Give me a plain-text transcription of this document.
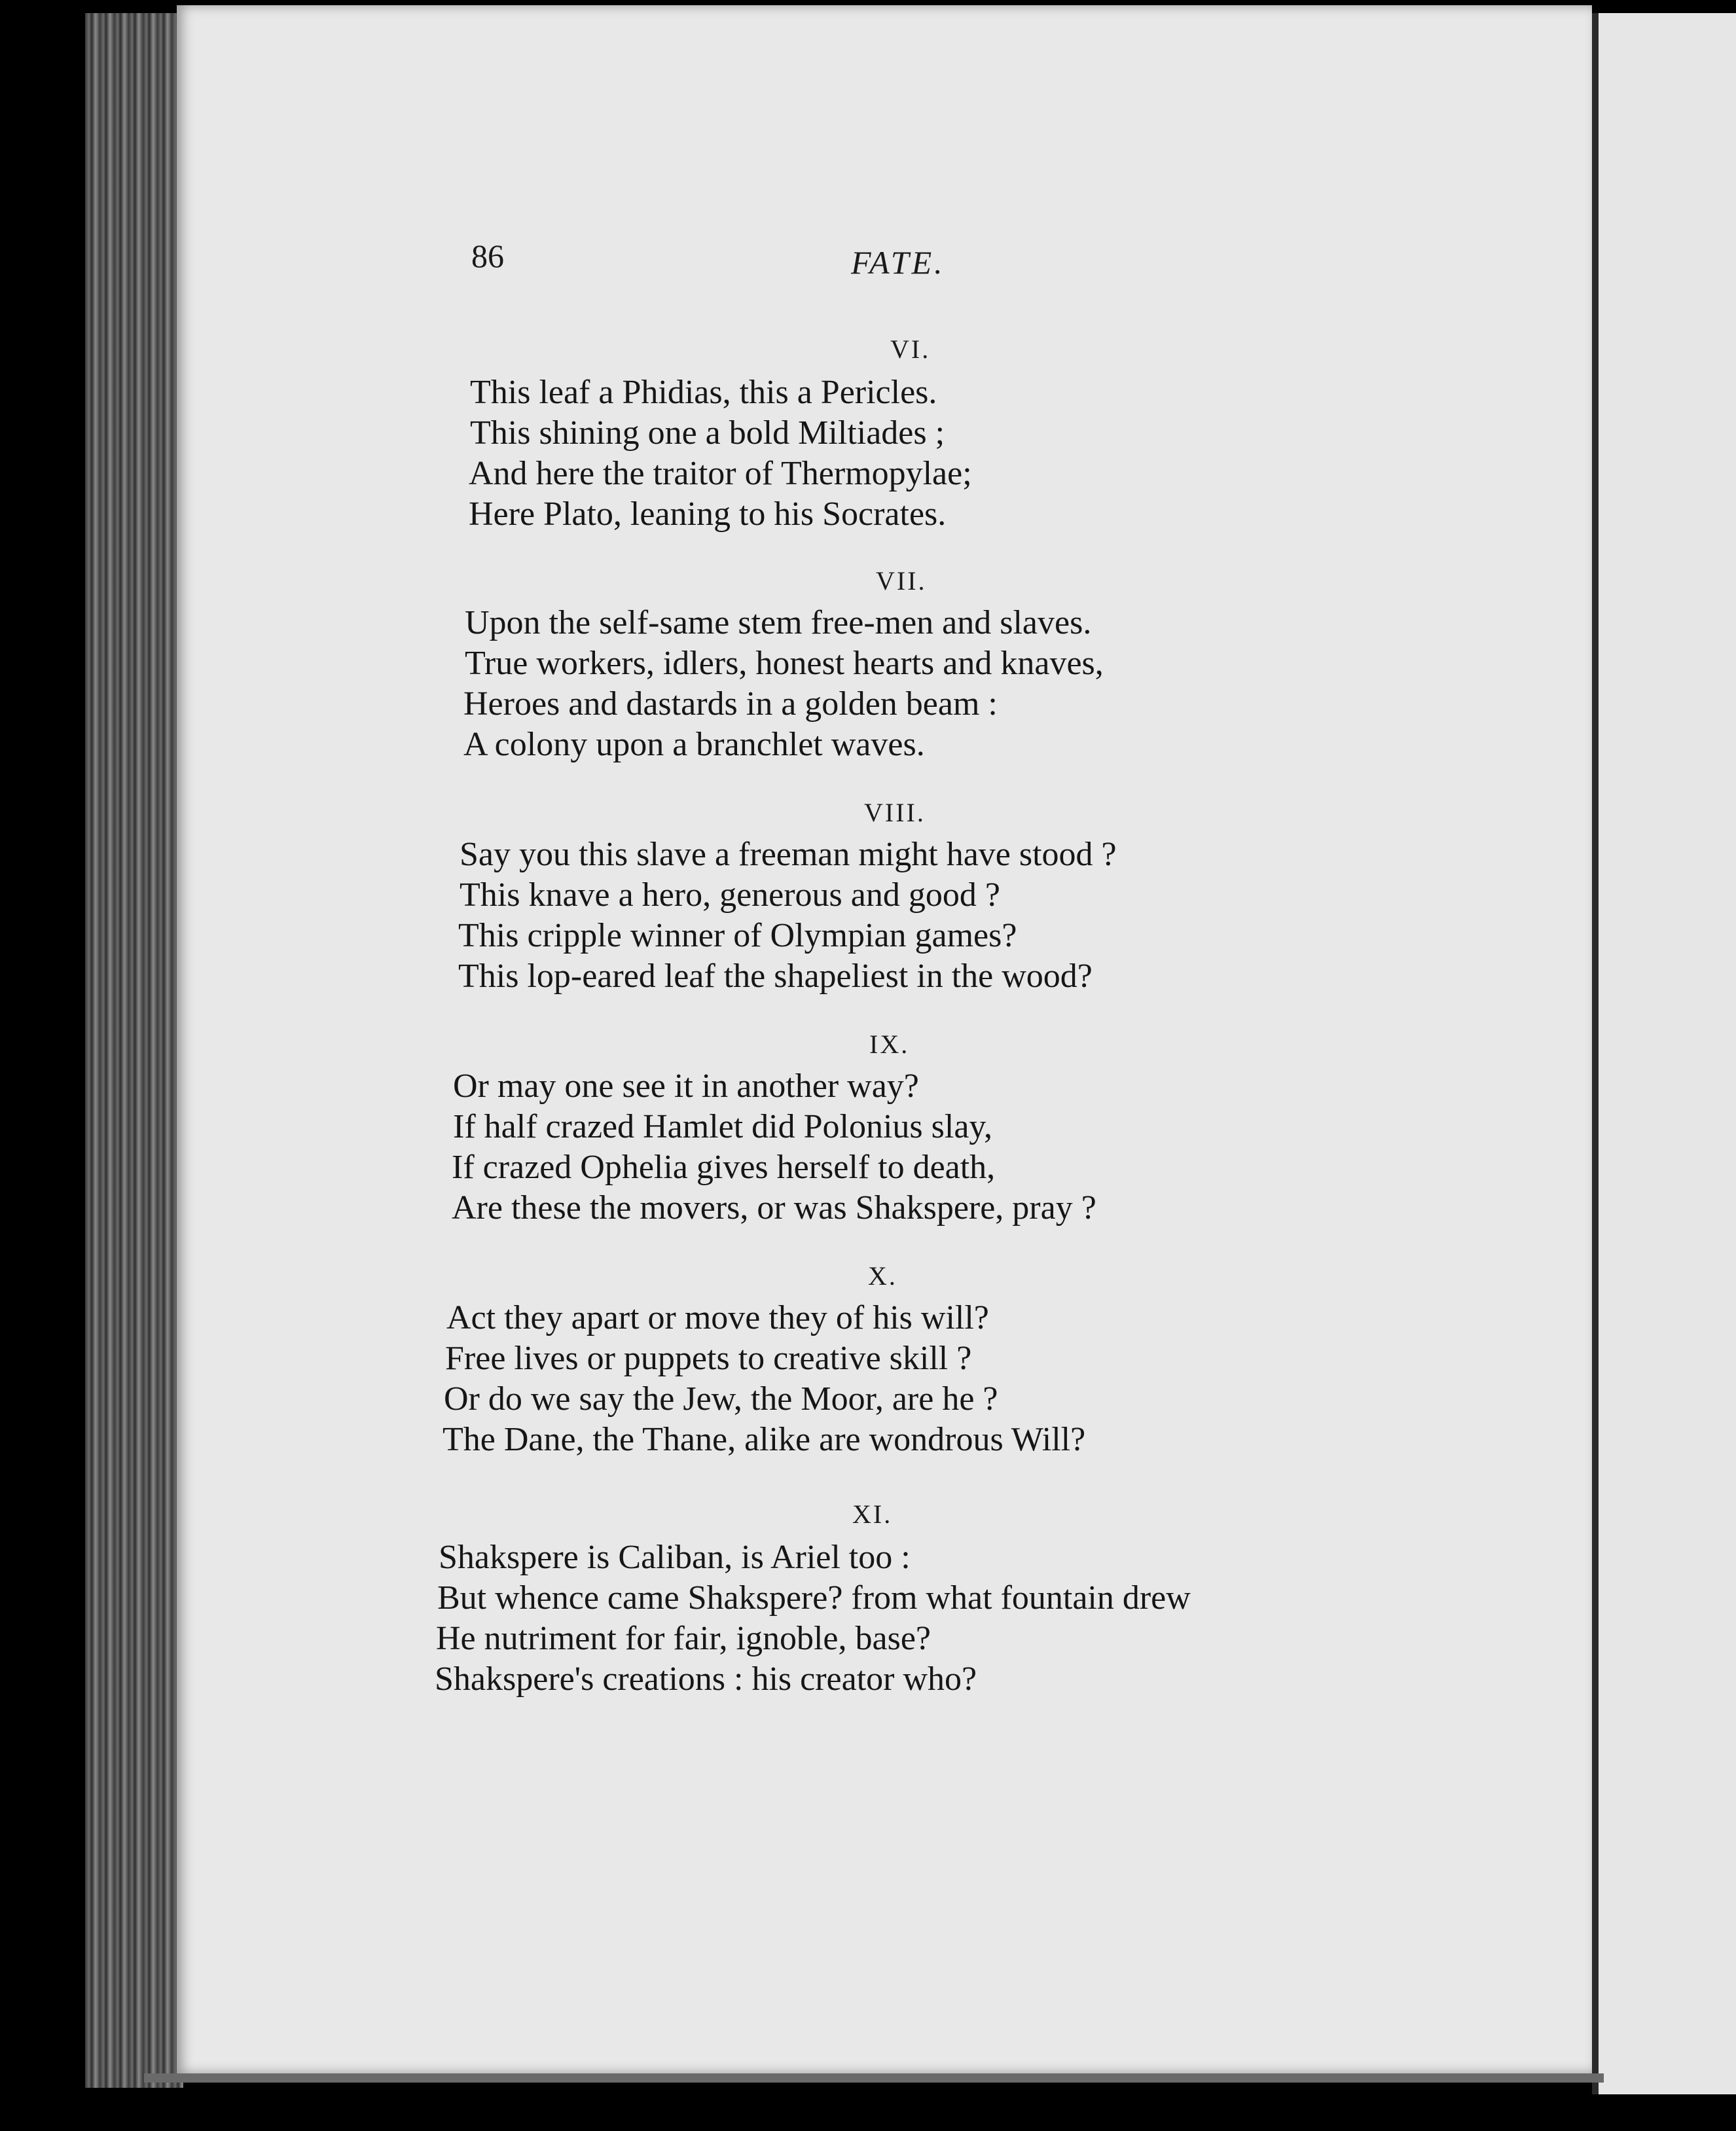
86	FATE.
VI.
This leaf a Phidias, this a Pericles.
This shining one a bold Miltiades ;
And here the traitor of Thermopylae;
Here Plato, leaning to his Socrates.
VII.
Upon the self-same stem free-men and slaves.
True workers, idlers, honest hearts and knaves,
Heroes and dastards in a golden beam :
A colony upon a branchlet waves.
VIII.
Say you this slave a freeman might have stood ?
This knave a hero, generous and good ?
This cripple winner of Olympian games?
This lop-eared leaf the shapeliest in the wood?
IX.
Or may one see it in another way?
If half crazed Hamlet did Polonius slay,
If crazed Ophelia gives herself to death,
Are these the movers, or was Shakspere, pray ?
X.
Act they apart or move they of his will?
Free lives or puppets to creative skill ?
Or do we say the Jew, the Moor, are he ?
The Dane, the Thane, alike are wondrous Will?
XI.
Shakspere is Caliban, is Ariel too :
But whence came Shakspere? from what fountain drew
He nutriment for fair, ignoble, base?
Shakspere's creations : his creator who?
